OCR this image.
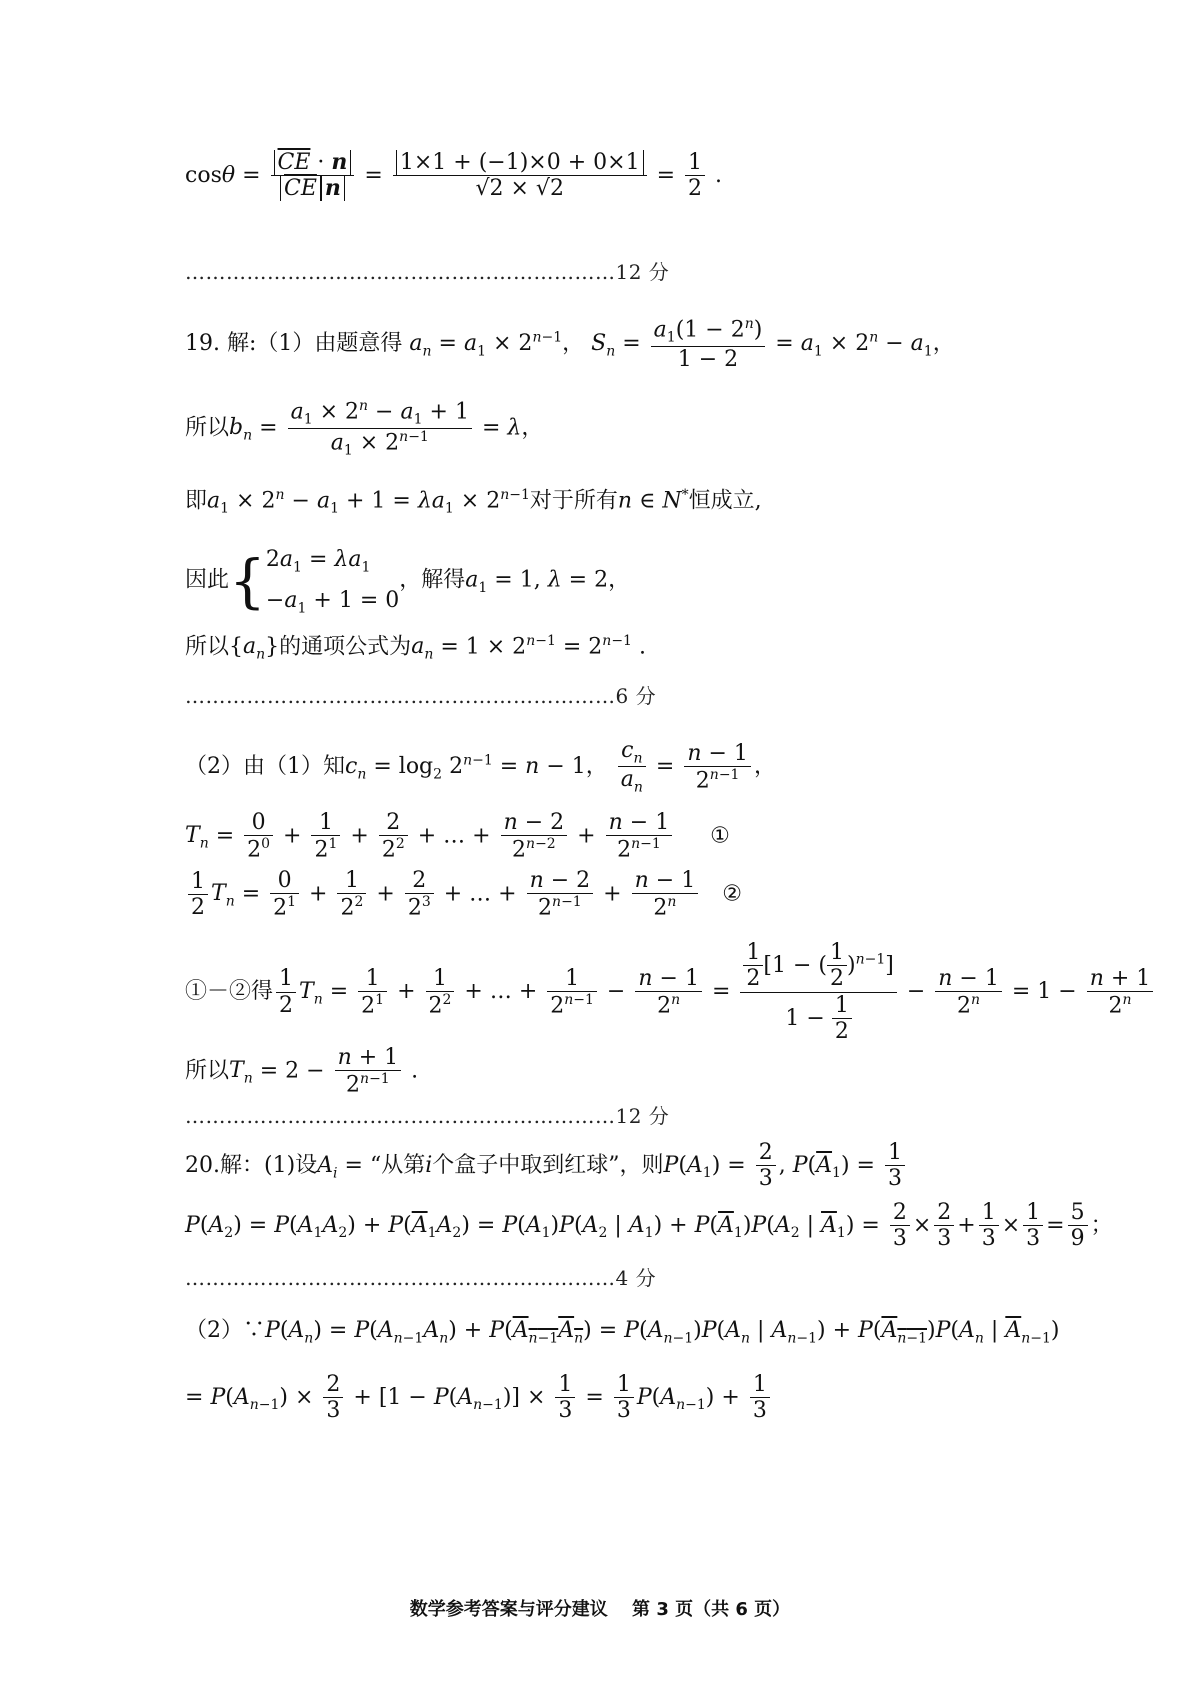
$\cos\theta = \frac{\overline{CE} \cdot n}{\overline{CE} n} = \frac{1\times 1 + (-1)\times 0 + 0\times 1}{√2 \times √2} = \frac{1}{2}$ .
………………………………………………………12 分
19. 解:（1）由题意得 $a_n = a_1 \times 2^{n-1}$， $S_n = \frac{a_1(1 - 2^n)}{1 - 2} = a_1 \times 2^n - a_1$，
所以$b_n = \frac{a_1 \times 2^n - a_1 + 1}{a_1 \times 2^{n-1}} = \lambda$，
即$a_1 \times 2^n - a_1 + 1 = \lambda a_1 \times 2^{n-1}$对于所有n ∈ N*恒成立,
因此{$2a_1 = \lambda a_1$
$-a_1 + 1 = 0$，解得$a_1 = 1$, λ = 2，
所以$\{a_n\}$的通项公式为$a_n = 1 \times 2^{n-1} = 2^{n-1}$ .
………………………………………………………6 分
（2）由（1）知$c_n = \log_2 2^{n-1} = n - 1$， $\frac{c_n}{a_n} = \frac{n - 1}{2^{n-1}}$ ，
$T_n = \frac{0}{2^0} + \frac{1}{2^1} + \frac{2}{2^2}$ + … + $\frac{n - 2}{2^{n-2}} + \frac{n - 1}{2^{n-1}}$ ①
$\frac{1}{2} T_n = \frac{0}{2^1} + \frac{1}{2^2} + \frac{2}{2^3}$ + … + $\frac{n - 2}{2^{n-1}} + \frac{n - 1}{2^n}$ ②
①－②得 $\frac{1}{2} T_n = \frac{1}{2^1} + \frac{1}{2^2}$ + … + $\frac{1}{2^{n-1}} - \frac{n - 1}{2^n} = \frac{\frac{1}{2} [1 - ( \frac{1}{2} )^{n-1}]}{1 - \frac{1}{2}} - \frac{n - 1}{2^n} = 1 - \frac{n + 1}{2^n}$
所以$T_n = 2 - \frac{n + 1}{2^{n-1}}$ .
………………………………………………………12 分
20.解：(1)设$A_i$ = “从第i个盒子中取到红球”，则$P(A_1) = \frac{2}{3}$ , $P(\overline{A}_1) = \frac{1}{3}$
$P(A_2) = P(A_1A_2) + P(\overline{A}_1A_2) = P(A_1)P(A_2$ | $A_1) + P(\overline{A}_1)P(A_2$ | $\overline{A}_1) = \frac{2}{3} \times \frac{2}{3} + \frac{1}{3} \times \frac{1}{3} = \frac{5}{9}$ ；
………………………………………………………4 分
$(2)\because P(A_n) = P(A_{n-1}A_n) + P(A_{n-1}A_n) = P(A_{n-1})P(A_n$ | $A_{n-1}) + P(A_{n-1})P(A_n$ | $\overline{A}_{n-1}$)
= $P(A_{n-1}) \times \frac{2}{3} + [1 - P(A_{n-1})] \times \frac{1}{3} = \frac{1}{3} P(A_{n-1}) + \frac{1}{3}$
数学参考答案与评分建议　 第 3 页（共 6 页）
